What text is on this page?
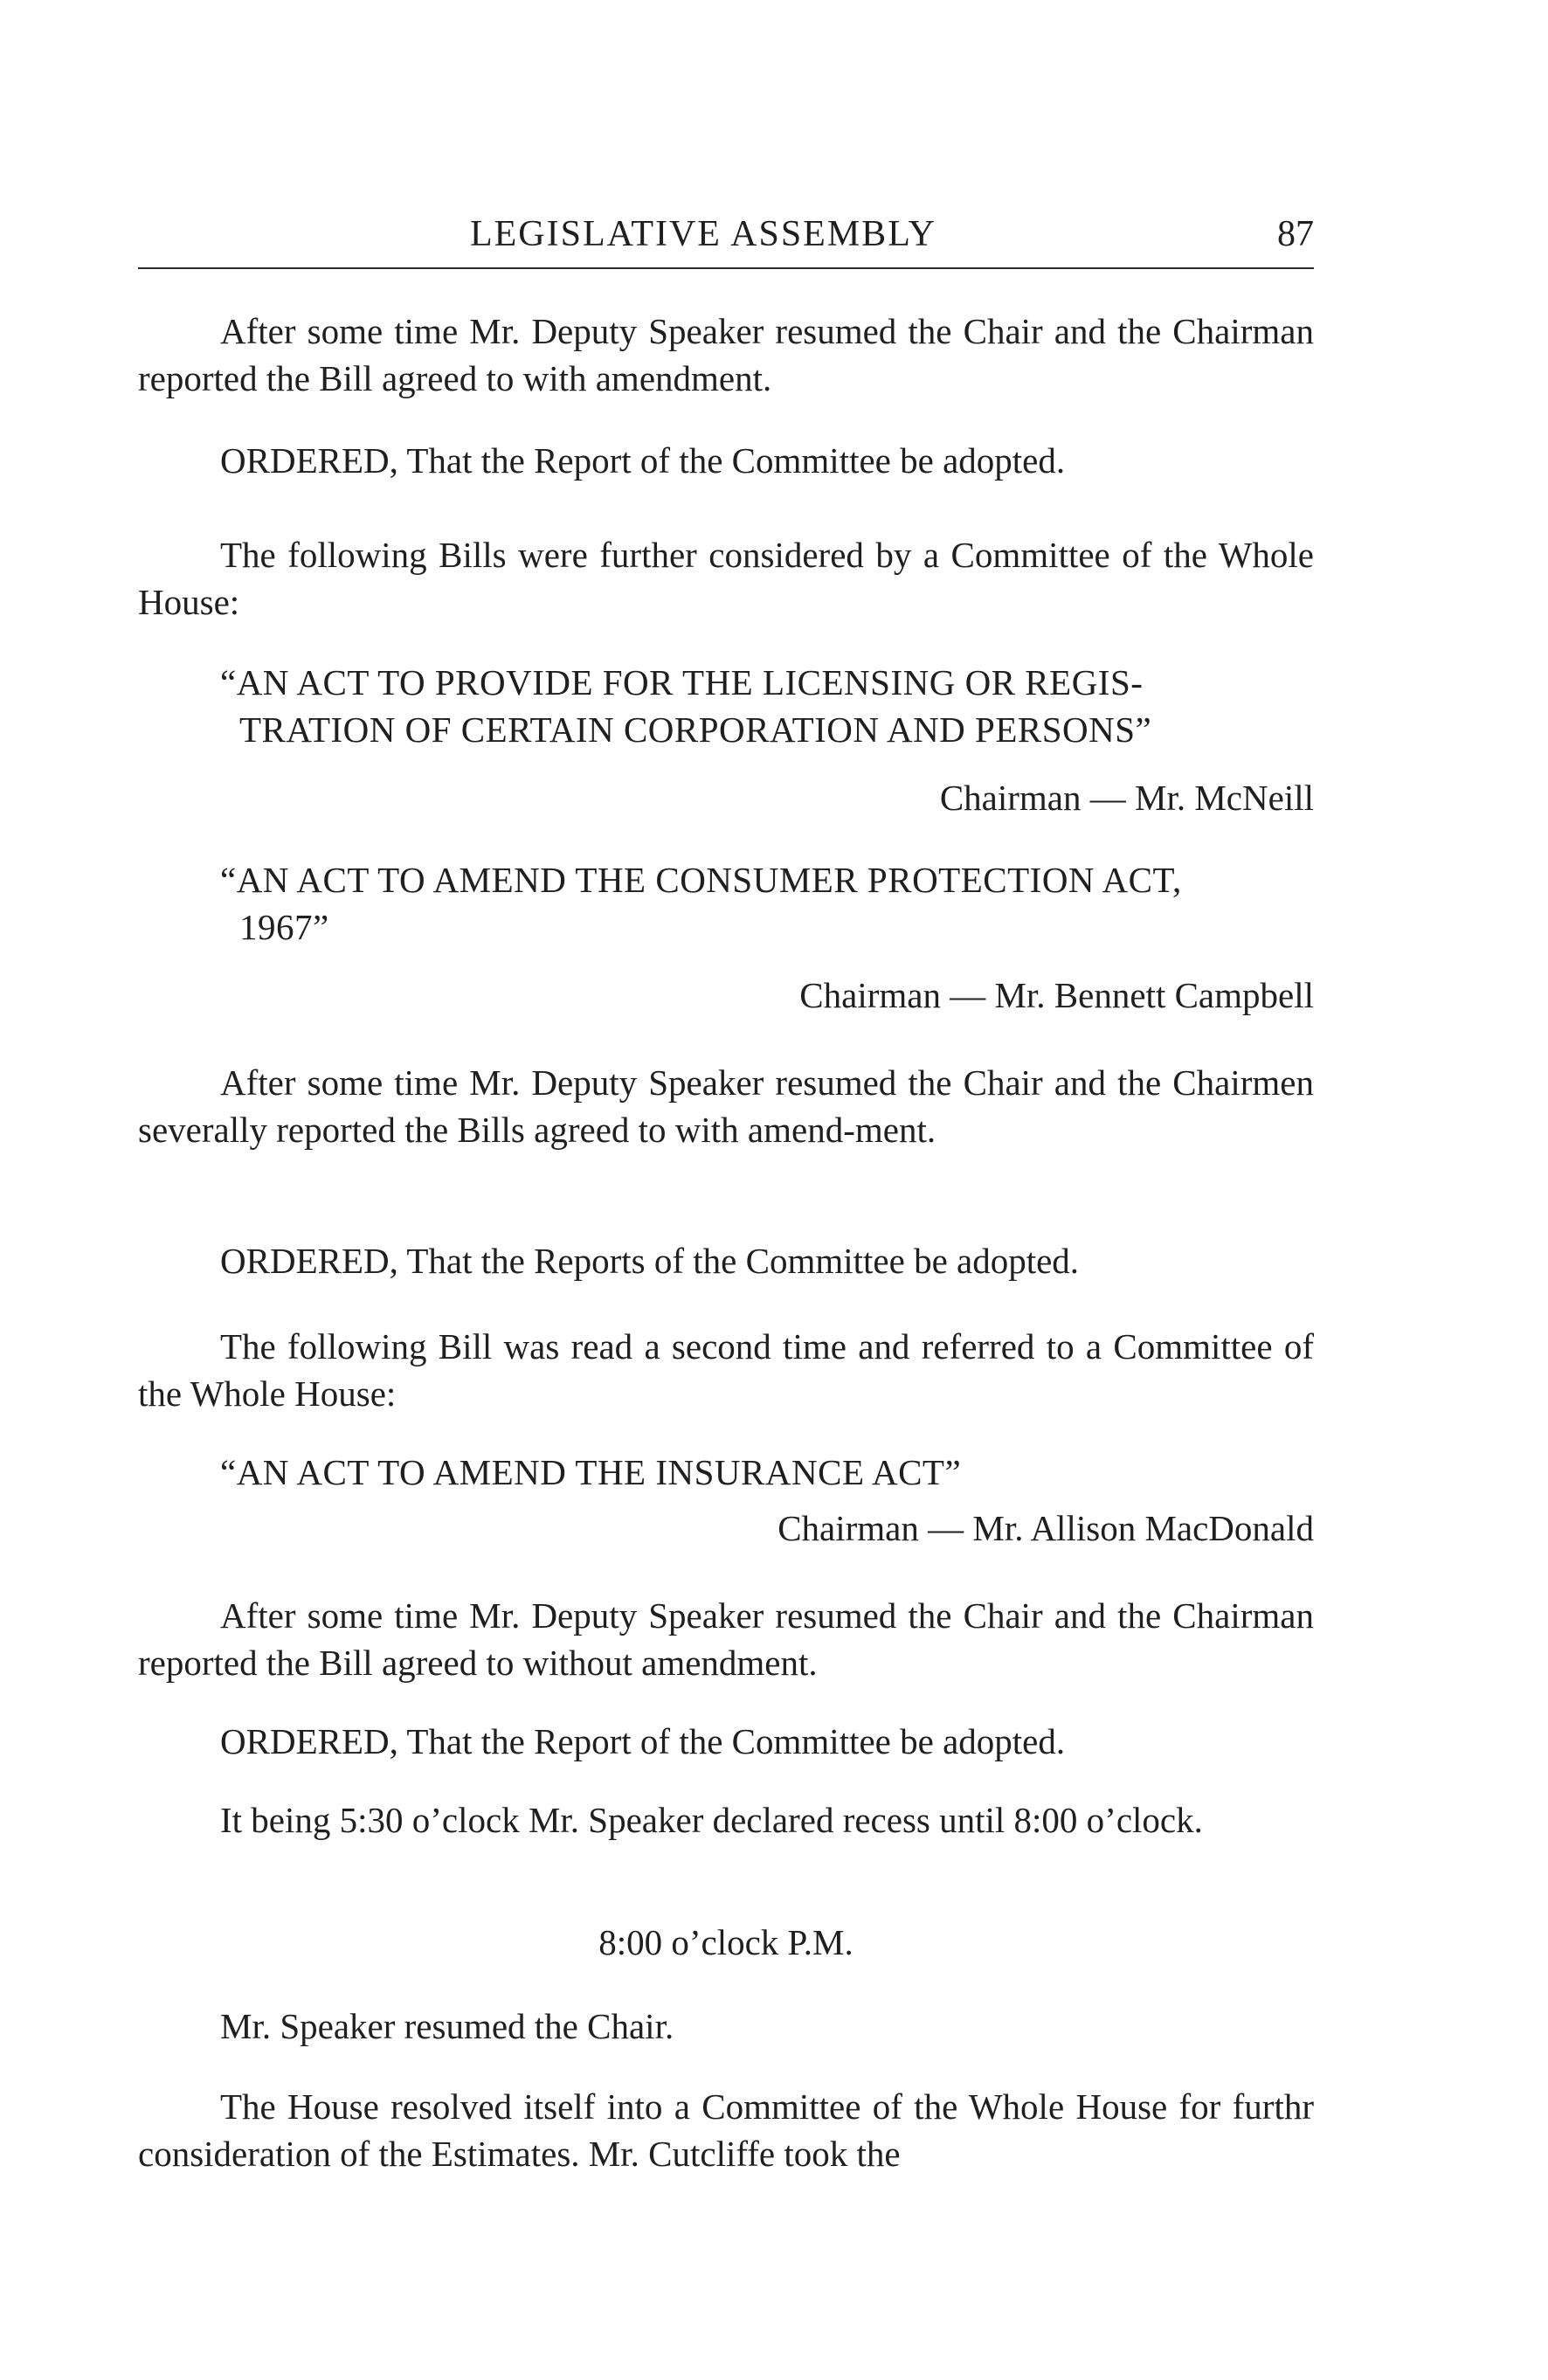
LEGISLATIVE ASSEMBLY	87

After some time Mr. Deputy Speaker resumed the Chair and the Chairman reported the Bill agreed to with amendment.

ORDERED, That the Report of the Committee be adopted.

The following Bills were further considered by a Committee of the Whole House:

“AN ACT TO PROVIDE FOR THE LICENSING OR REGIS-
TRATION OF CERTAIN CORPORATION AND PERSONS”

Chairman — Mr. McNeill

“AN ACT TO AMEND THE CONSUMER PROTECTION ACT,
1967”

Chairman — Mr. Bennett Campbell

After some time Mr. Deputy Speaker resumed the Chair and the Chairmen severally reported the Bills agreed to with amend-ment.

ORDERED, That the Reports of the Committee be adopted.

The following Bill was read a second time and referred to a Committee of the Whole House:

“AN ACT TO AMEND THE INSURANCE ACT”

Chairman — Mr. Allison MacDonald

After some time Mr. Deputy Speaker resumed the Chair and the Chairman reported the Bill agreed to without amendment.

ORDERED, That the Report of the Committee be adopted.

It being 5:30 o’clock Mr. Speaker declared recess until 8:00 o’clock.

8:00 o’clock P.M.

Mr. Speaker resumed the Chair.

The House resolved itself into a Committee of the Whole House for furthr consideration of the Estimates. Mr. Cutcliffe took the
